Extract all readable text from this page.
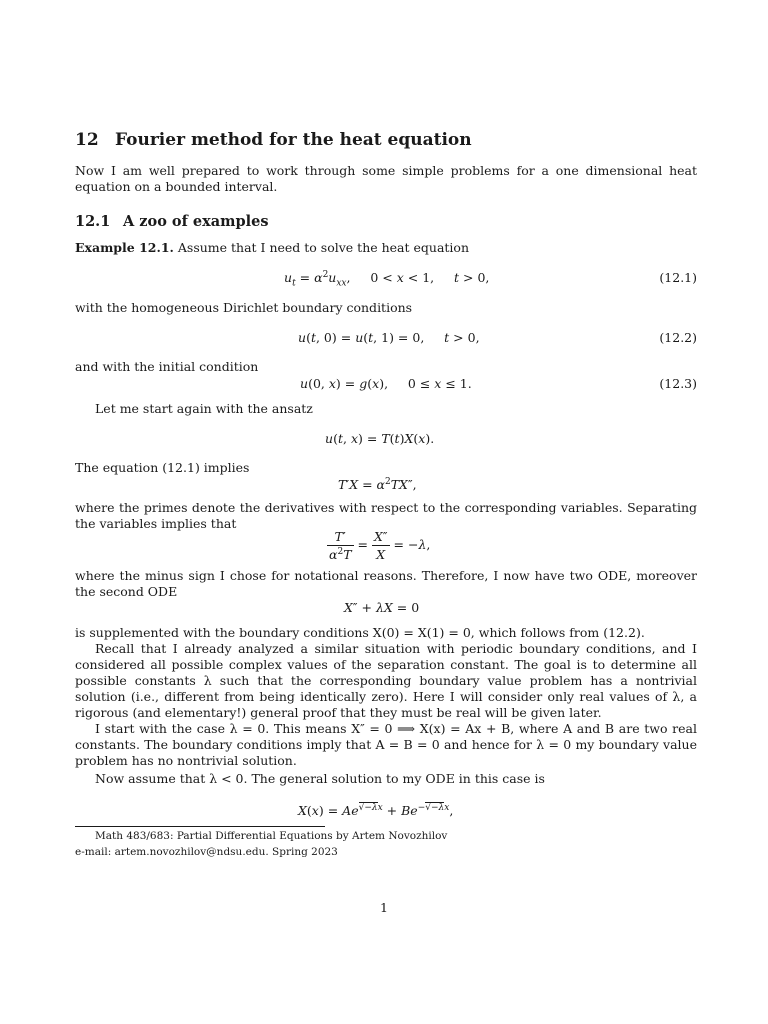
12 Fourier method for the heat equation
Now I am well prepared to work through some simple problems for a one dimensional heat equation on a bounded interval.
12.1 A zoo of examples
Example 12.1. Assume that I need to solve the heat equation
$u_t = \alpha^2u_{xx}$,     0 < x < 1,     t > 0,	(12.1)
with the homogeneous Dirichlet boundary conditions
u(t, 0) = u(t, 1) = 0,     t > 0,	(12.2)
and with the initial condition
u(0, x) = g(x),     0 ≤ x ≤ 1.	(12.3)
Let me start again with the ansatz
u(t, x) = T(t)X(x).
The equation (12.1) implies
$T'X = \alpha^2TX''$,
where the primes denote the derivatives with respect to the corresponding variables. Separating the variables implies that
$\frac{T'}{\alpha^2T} = \frac{X''}{X} = -\lambda$,
where the minus sign I chose for notational reasons. Therefore, I now have two ODE, moreover the second ODE
X″ + λX = 0
is supplemented with the boundary conditions X(0) = X(1) = 0, which follows from (12.2).
Recall that I already analyzed a similar situation with periodic boundary conditions, and I considered all possible complex values of the separation constant. The goal is to determine all possible constants λ such that the corresponding boundary value problem has a nontrivial solution (i.e., different from being identically zero). Here I will consider only real values of λ, a rigorous (and elementary!) general proof that they must be real will be given later.
I start with the case λ = 0. This means X″ = 0 ⟹ X(x) = Ax + B, where A and B are two real constants. The boundary conditions imply that A = B = 0 and hence for λ = 0 my boundary value problem has no nontrivial solution.
Now assume that λ < 0. The general solution to my ODE in this case is
$X(x) = Ae^{√-\lambda x} + Be^{-√-\lambda x}$,
Math 483/683: Partial Differential Equations by Artem Novozhilov
e-mail: artem.novozhilov@ndsu.edu. Spring 2023
1
